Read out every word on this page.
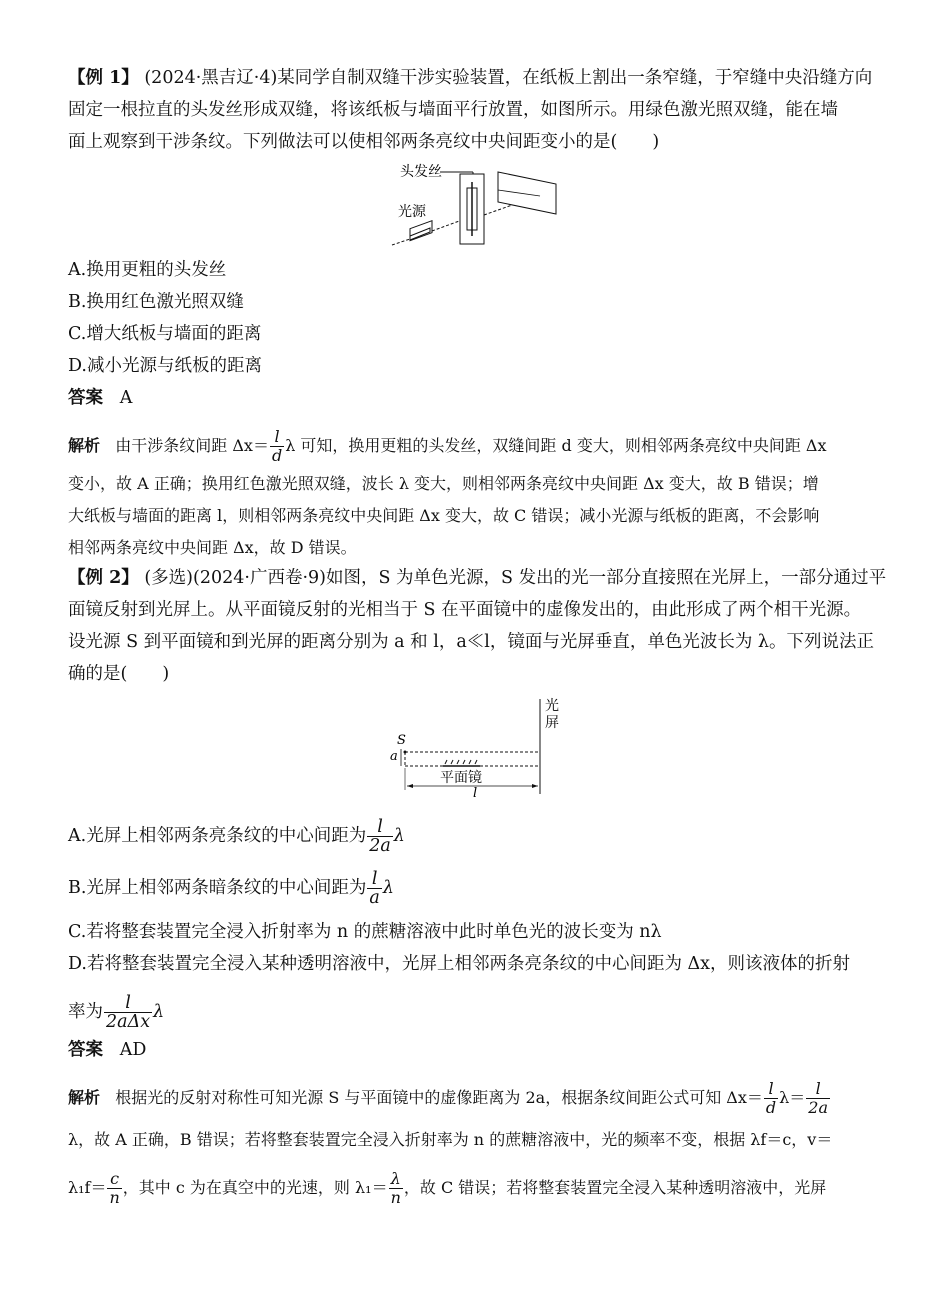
【例 1】 (2024·黑吉辽·4)某同学自制双缝干涉实验装置，在纸板上割出一条窄缝，于窄缝中央沿缝方向
固定一根拉直的头发丝形成双缝，将该纸板与墙面平行放置，如图所示。用绿色激光照双缝，能在墙
面上观察到干涉条纹。下列做法可以使相邻两条亮纹中央间距变小的是(　　)
头发丝
光源
A.换用更粗的头发丝
B.换用红色激光照双缝
C.增大纸板与墙面的距离
D.减小光源与纸板的距离
答案 A
解析 由干涉条纹间距 $\Delta x= \frac{l}{d}$ λ 可知，换用更粗的头发丝，双缝间距 d 变大，则相邻两条亮纹中央间距 Δx
变小，故 A 正确；换用红色激光照双缝，波长 λ 变大，则相邻两条亮纹中央间距 Δx 变大，故 B 错误；增
大纸板与墙面的距离 l，则相邻两条亮纹中央间距 Δx 变大，故 C 错误；减小光源与纸板的距离，不会影响
相邻两条亮纹中央间距 Δx，故 D 错误。
【例 2】 (多选)(2024·广西卷·9)如图，S 为单色光源，S 发出的光一部分直接照在光屏上，一部分通过平
面镜反射到光屏上。从平面镜反射的光相当于 S 在平面镜中的虚像发出的，由此形成了两个相干光源。
设光源 S 到平面镜和到光屏的距离分别为 a 和 l，a≪l，镜面与光屏垂直，单色光波长为 λ。下列说法正
确的是(　　)
光
屏
S
a
平面镜
l
A.光屏上相邻两条亮条纹的中心间距为 $\frac{l}{2a}$ λ
B.光屏上相邻两条暗条纹的中心间距为 $\frac{l}{a}$ λ
C.若将整套装置完全浸入折射率为 n 的蔗糖溶液中此时单色光的波长变为 nλ
D.若将整套装置完全浸入某种透明溶液中，光屏上相邻两条亮条纹的中心间距为 Δx，则该液体的折射
率为 $\frac{l}{\text{2aΔx}}$ λ
答案 AD
解析 根据光的反射对称性可知光源 S 与平面镜中的虚像距离为 2a，根据条纹间距公式可知 $\Delta x= \frac{l}{d} \lambda= \frac{l}{2a}$
λ，故 A 正确，B 错误；若将整套装置完全浸入折射率为 n 的蔗糖溶液中，光的频率不变，根据 λf＝c，v＝
$\lambda_1f= \frac{c}{n}$ ，其中 c 为在真空中的光速，则 $\lambda_1= \frac{\lambda}{n}$ ，故 C 错误；若将整套装置完全浸入某种透明溶液中，光屏
